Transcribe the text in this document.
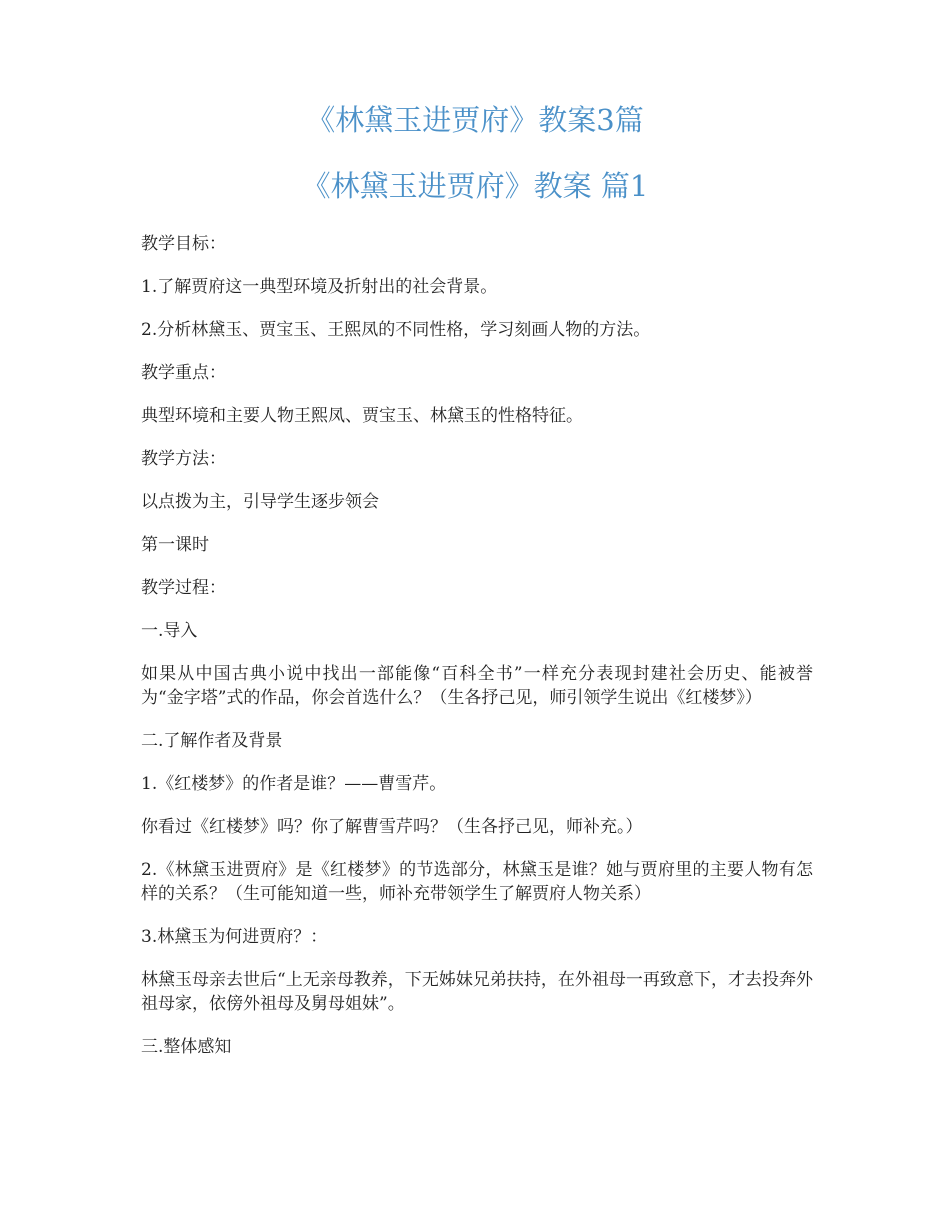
《林黛玉进贾府》教案3篇
《林黛玉进贾府》教案 篇1

教学目标：

1.了解贾府这一典型环境及折射出的社会背景。

2.分析林黛玉、贾宝玉、王熙凤的不同性格，学习刻画人物的方法。

教学重点：

典型环境和主要人物王熙凤、贾宝玉、林黛玉的性格特征。

教学方法：

以点拨为主，引导学生逐步领会

第一课时

教学过程：

一.导入

如果从中国古典小说中找出一部能像“百科全书”一样充分表现封建社会历史、能被誉为“金字塔”式的作品，你会首选什么？（生各抒己见，师引领学生说出《红楼梦》）

二.了解作者及背景

1.《红楼梦》的作者是谁？——曹雪芹。

你看过《红楼梦》吗？你了解曹雪芹吗？（生各抒己见，师补充。）

2.《林黛玉进贾府》是《红楼梦》的节选部分，林黛玉是谁？她与贾府里的主要人物有怎样的关系？（生可能知道一些，师补充带领学生了解贾府人物关系）

3.林黛玉为何进贾府？：

林黛玉母亲去世后“上无亲母教养，下无姊妹兄弟扶持，在外祖母一再致意下，才去投奔外祖母家，依傍外祖母及舅母姐妹”。

三.整体感知
